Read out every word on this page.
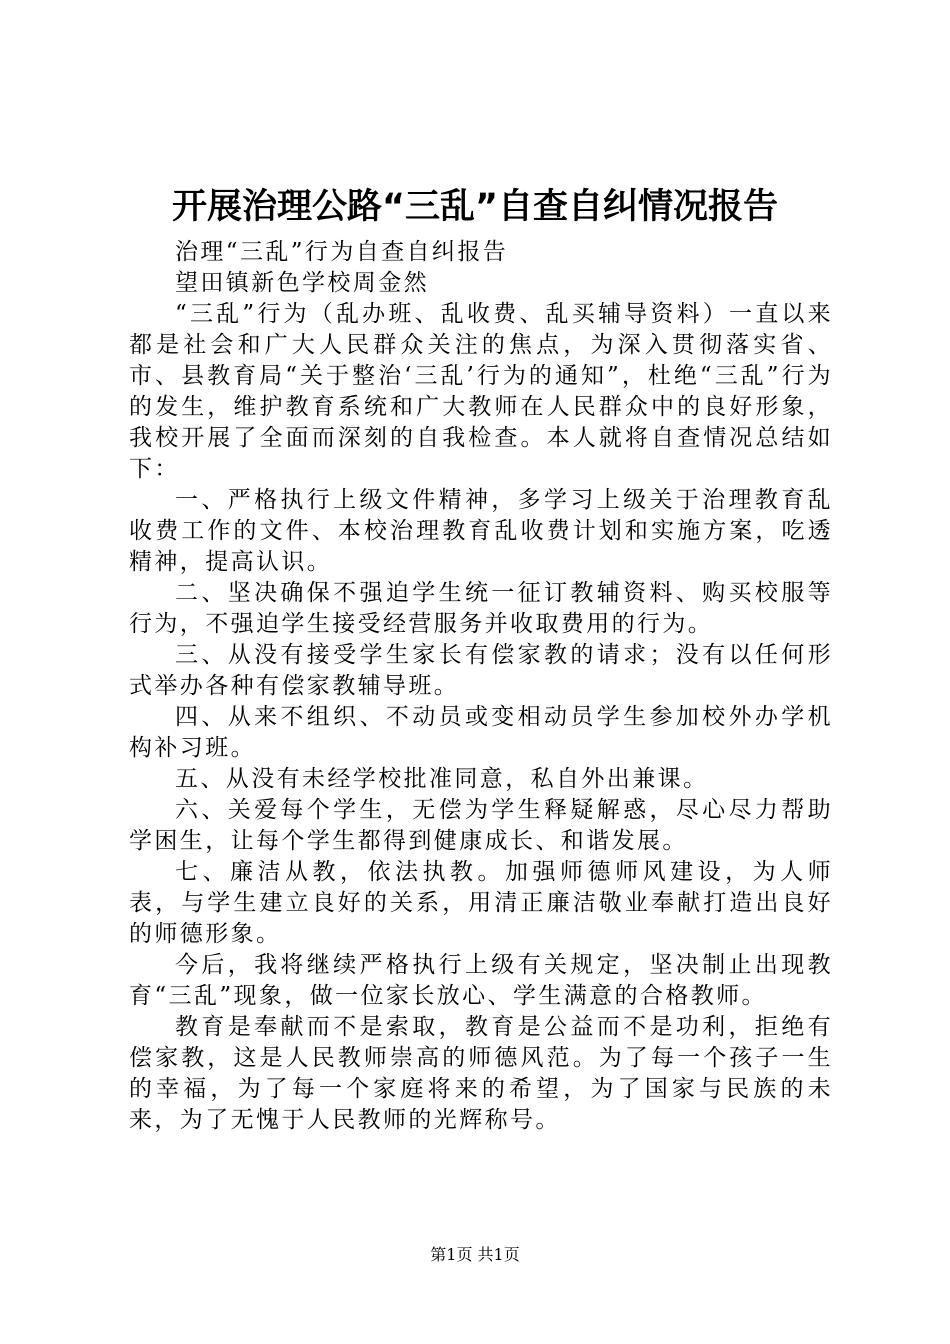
开展治理公路“三乱”自查自纠情况报告

治理“三乱”行为自查自纠报告

望田镇新色学校周金然

“三乱”行为（乱办班、乱收费、乱买辅导资料）一直以来都是社会和广大人民群众关注的焦点，为深入贯彻落实省、市、县教育局“关于整治‘三乱’行为的通知”，杜绝“三乱”行为的发生，维护教育系统和广大教师在人民群众中的良好形象，我校开展了全面而深刻的自我检查。本人就将自查情况总结如下：

一、严格执行上级文件精神，多学习上级关于治理教育乱收费工作的文件、本校治理教育乱收费计划和实施方案，吃透精神，提高认识。

二、坚决确保不强迫学生统一征订教辅资料、购买校服等行为，不强迫学生接受经营服务并收取费用的行为。

三、从没有接受学生家长有偿家教的请求；没有以任何形式举办各种有偿家教辅导班。

四、从来不组织、不动员或变相动员学生参加校外办学机构补习班。

五、从没有未经学校批准同意，私自外出兼课。

六、关爱每个学生，无偿为学生释疑解惑，尽心尽力帮助学困生，让每个学生都得到健康成长、和谐发展。

七、廉洁从教，依法执教。加强师德师风建设，为人师表，与学生建立良好的关系，用清正廉洁敬业奉献打造出良好的师德形象。

今后，我将继续严格执行上级有关规定，坚决制止出现教育“三乱”现象，做一位家长放心、学生满意的合格教师。

教育是奉献而不是索取，教育是公益而不是功利，拒绝有偿家教，这是人民教师崇高的师德风范。为了每一个孩子一生的幸福，为了每一个家庭将来的希望，为了国家与民族的未来，为了无愧于人民教师的光辉称号。

第1页 共1页
